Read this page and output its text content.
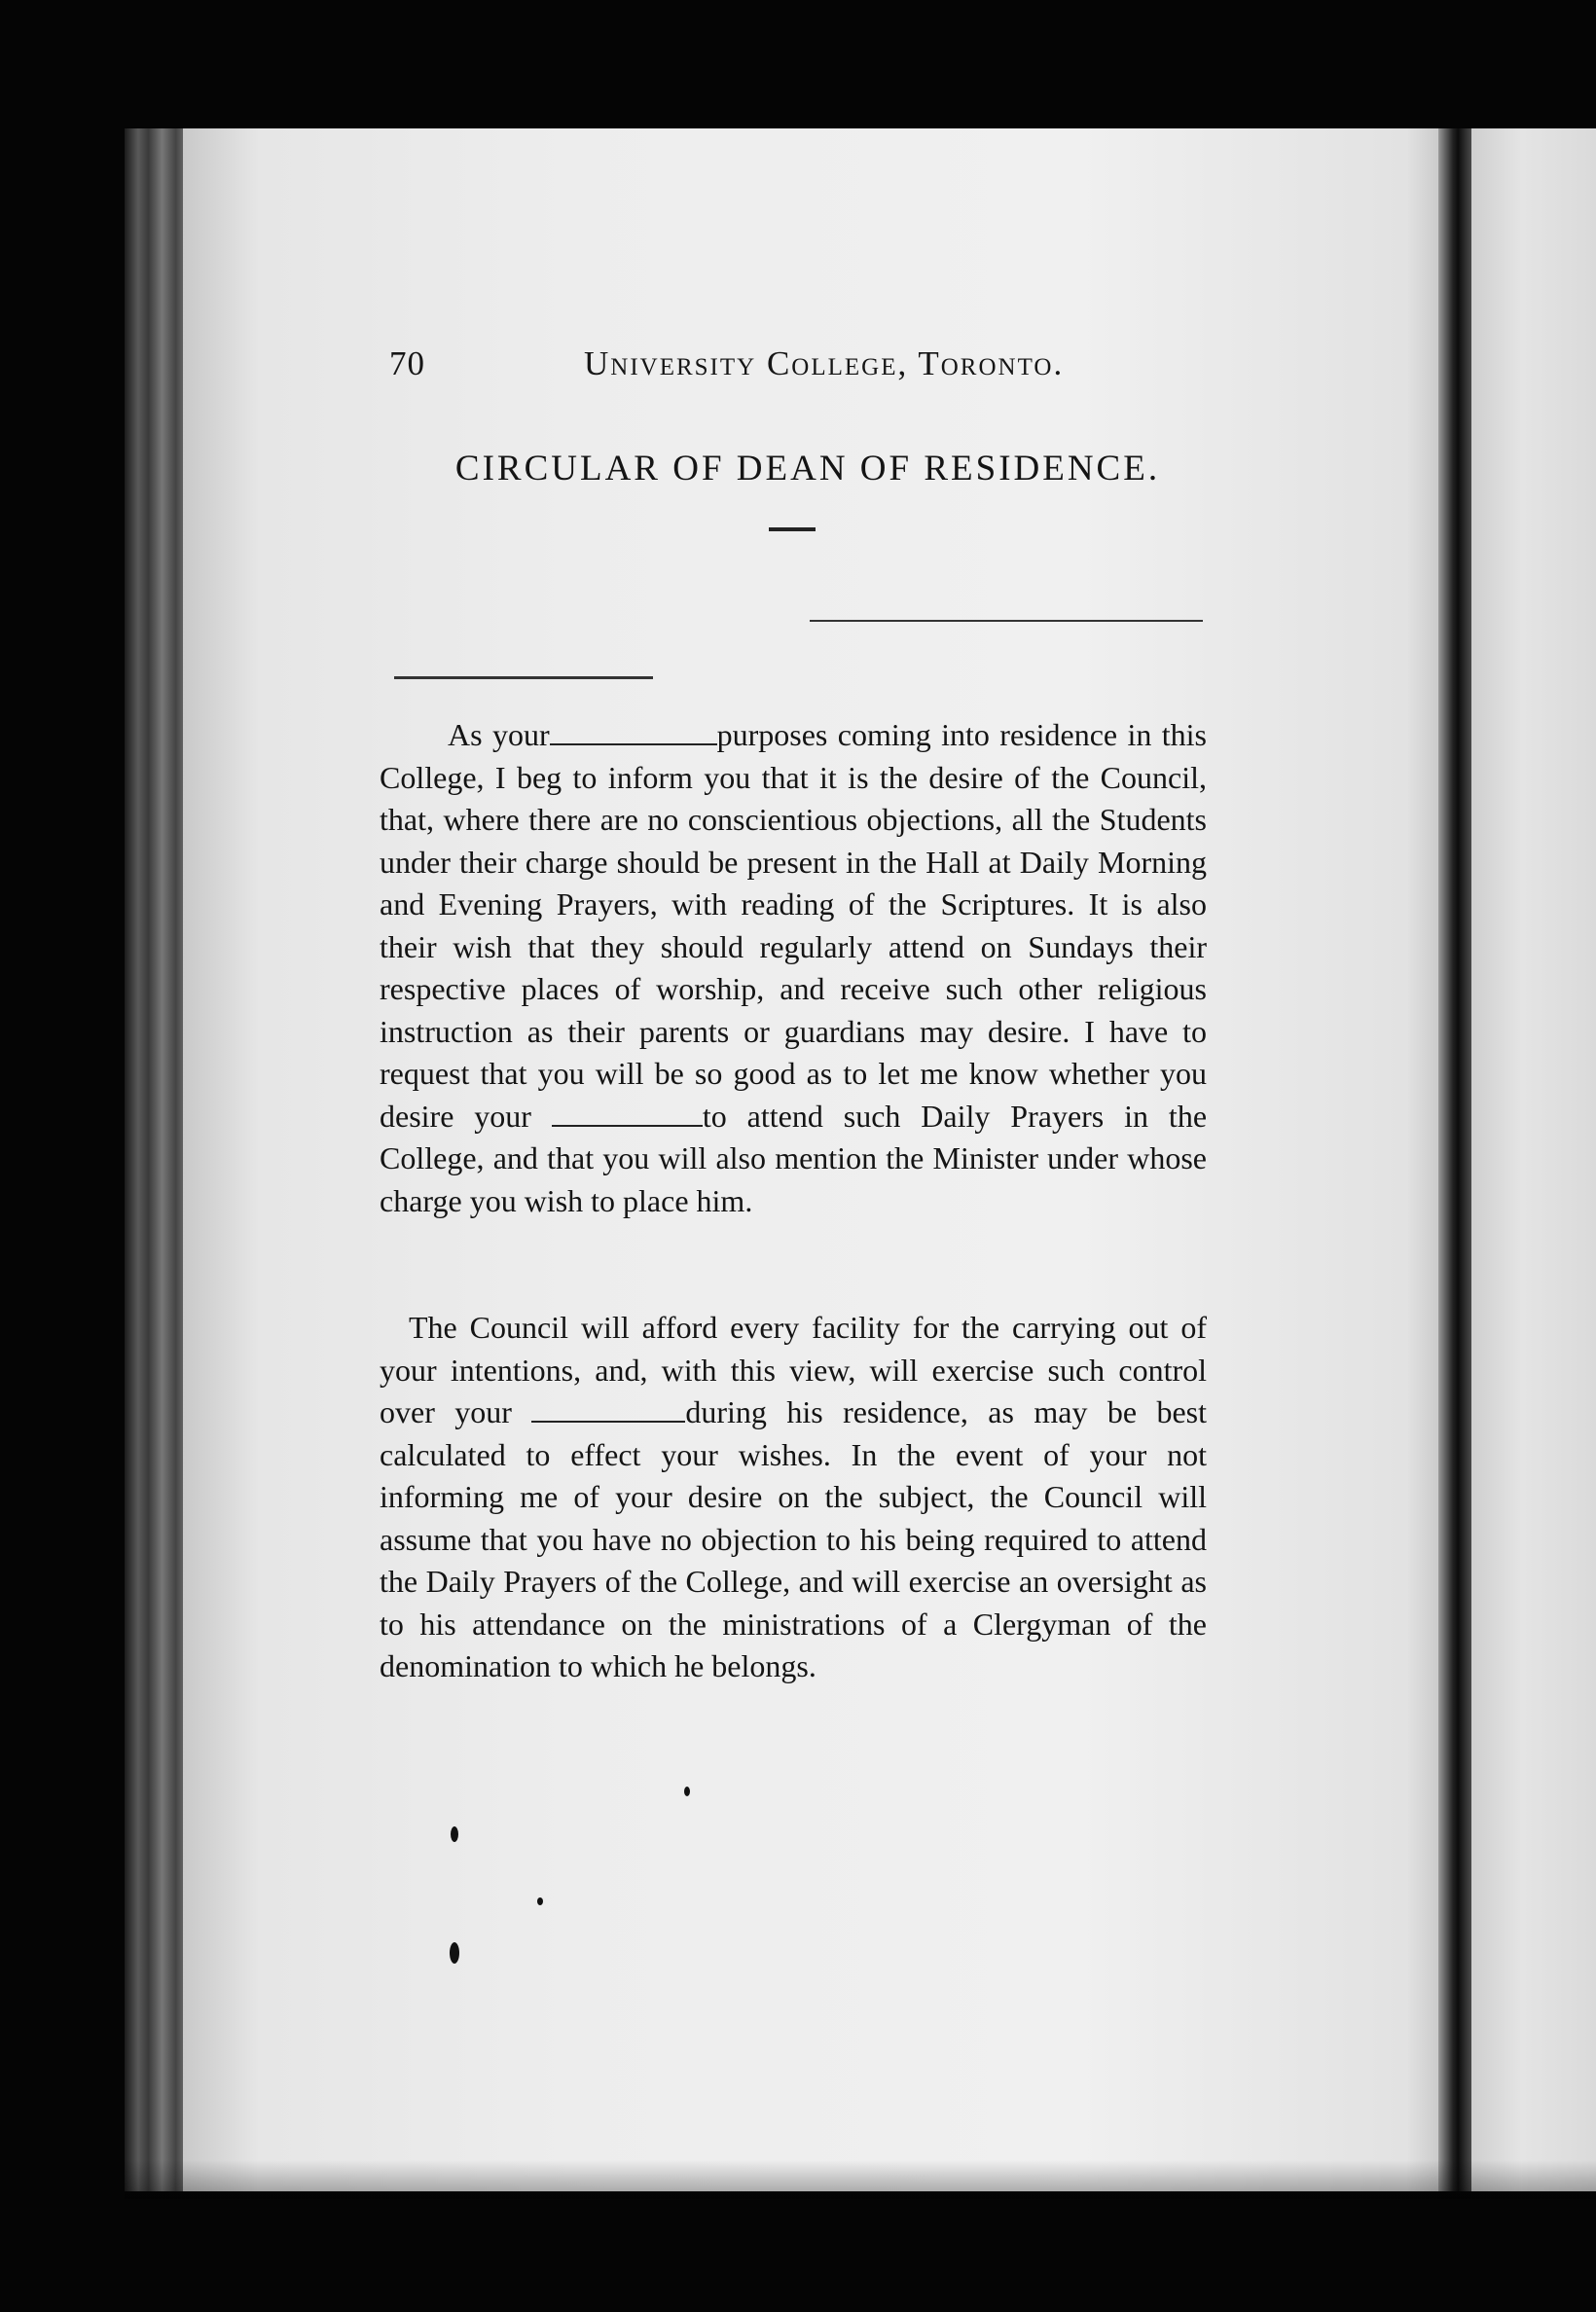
70	University College, Toronto.
CIRCULAR OF DEAN OF RESIDENCE.
As your	purposes coming into residence in this College, I beg to inform you that it is the desire of the Council, that, where there are no conscientious objections, all the Students under their charge should be present in the Hall at Daily Morning and Evening Prayers, with reading of the Scriptures. It is also their wish that they should regularly attend on Sundays their respective places of worship, and receive such other religious instruction as their parents or guardians may desire. I have to request that you will be so good as to let me know whether you desire your	to attend such Daily Prayers in the College, and that you will also mention the Minister under whose charge you wish to place him.
The Council will afford every facility for the carrying out of your intentions, and, with this view, will exercise such control over your	during his residence, as may be best calculated to effect your wishes. In the event of your not informing me of your desire on the subject, the Council will assume that you have no objection to his being required to attend the Daily Prayers of the College, and will exercise an oversight as to his attendance on the ministrations of a Clergyman of the denomination to which he belongs.
